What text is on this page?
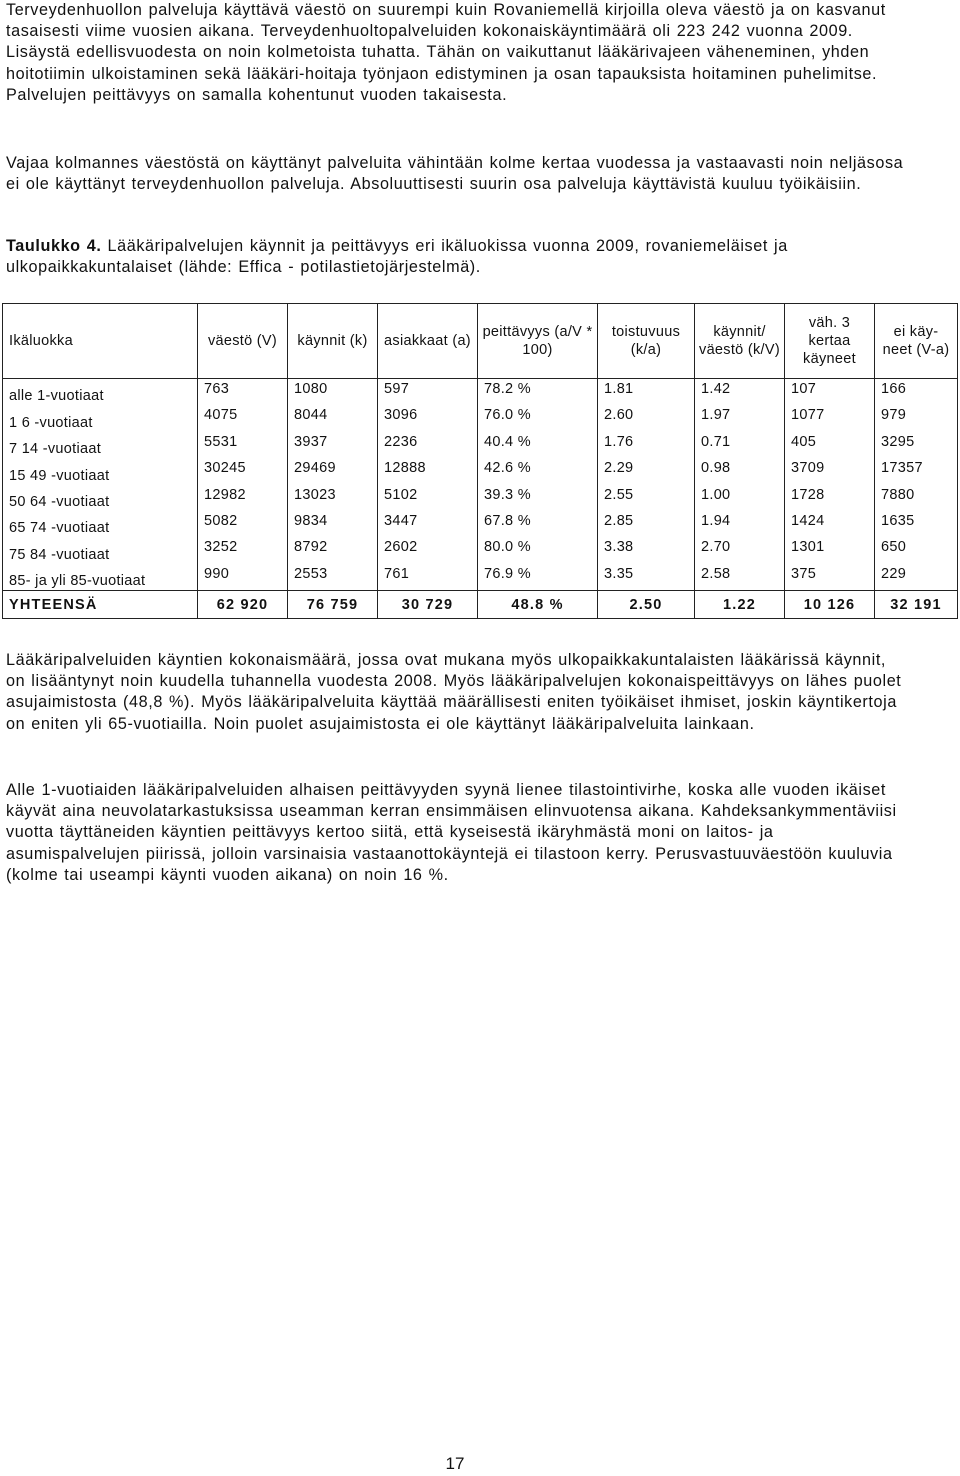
Terveydenhuollon palveluja käyttävä väestö on suurempi kuin Rovaniemellä kirjoilla oleva väestö ja on kasvanut tasaisesti viime vuosien aikana. Terveydenhuoltopalveluiden kokonaiskäyntimäärä oli 223 242 vuonna 2009. Lisäystä edellisvuodesta on noin kolmetoista tuhatta. Tähän on vaikuttanut lääkärivajeen väheneminen, yhden hoitotiimin ulkoistaminen sekä lääkäri-hoitaja työnjaon edistyminen ja osan tapauksista hoitaminen puhelimitse. Palvelujen peittävyys on samalla kohentunut vuoden takaisesta.

Vajaa kolmannes väestöstä on käyttänyt palveluita vähintään kolme kertaa vuodessa ja vastaavasti noin neljäsosa ei ole käyttänyt terveydenhuollon palveluja. Absoluuttisesti suurin osa palveluja käyttävistä kuuluu työikäisiin.

Taulukko 4. Lääkäripalvelujen käynnit ja peittävyys eri ikäluokissa vuonna 2009, rovaniemeläiset ja ulkopaikkakuntalaiset (lähde: Effica - potilastietojärjestelmä).

Ikäluokka	väestö (V)	käynnit (k)	asiakkaat (a)	peittävyys (a/V * 100)	toistuvuus (k/a)	käynnit/ väestö (k/V)	väh. 3 kertaa käyneet	ei käy- neet (V-a)
alle 1-vuotiaat	763	1080	597	78.2 %	1.81	1.42	107	166
1 6 -vuotiaat	4075	8044	3096	76.0 %	2.60	1.97	1077	979
7 14 -vuotiaat	5531	3937	2236	40.4 %	1.76	0.71	405	3295
15 49 -vuotiaat	30245	29469	12888	42.6 %	2.29	0.98	3709	17357
50 64 -vuotiaat	12982	13023	5102	39.3 %	2.55	1.00	1728	7880
65 74 -vuotiaat	5082	9834	3447	67.8 %	2.85	1.94	1424	1635
75 84 -vuotiaat	3252	8792	2602	80.0 %	3.38	2.70	1301	650
85- ja yli 85-vuotiaat	990	2553	761	76.9 %	3.35	2.58	375	229
YHTEENSÄ	62 920	76 759	30 729	48.8 %	2.50	1.22	10 126	32 191

Lääkäripalveluiden käyntien kokonaismäärä, jossa ovat mukana myös ulkopaikkakuntalaisten lääkärissä käynnit, on lisääntynyt noin kuudella tuhannella vuodesta 2008. Myös lääkäripalvelujen kokonaispeittävyys on lähes puolet asujaimistosta (48,8 %). Myös lääkäripalveluita käyttää määrällisesti eniten työikäiset ihmiset, joskin käyntikertoja on eniten yli 65-vuotiailla. Noin puolet asujaimistosta ei ole käyttänyt lääkäripalveluita lainkaan.

Alle 1-vuotiaiden lääkäripalveluiden alhaisen peittävyyden syynä lienee tilastointivirhe, koska alle vuoden ikäiset käyvät aina neuvolatarkastuksissa useamman kerran ensimmäisen elinvuotensa aikana. Kahdeksankymmentäviisi vuotta täyttäneiden käyntien peittävyys kertoo siitä, että kyseisestä ikäryhmästä moni on laitos- ja asumispalvelujen piirissä, jolloin varsinaisia vastaanottokäyntejä ei tilastoon kerry. Perusvastuuväestöön kuuluvia (kolme tai useampi käynti vuoden aikana) on noin 16 %.

17
